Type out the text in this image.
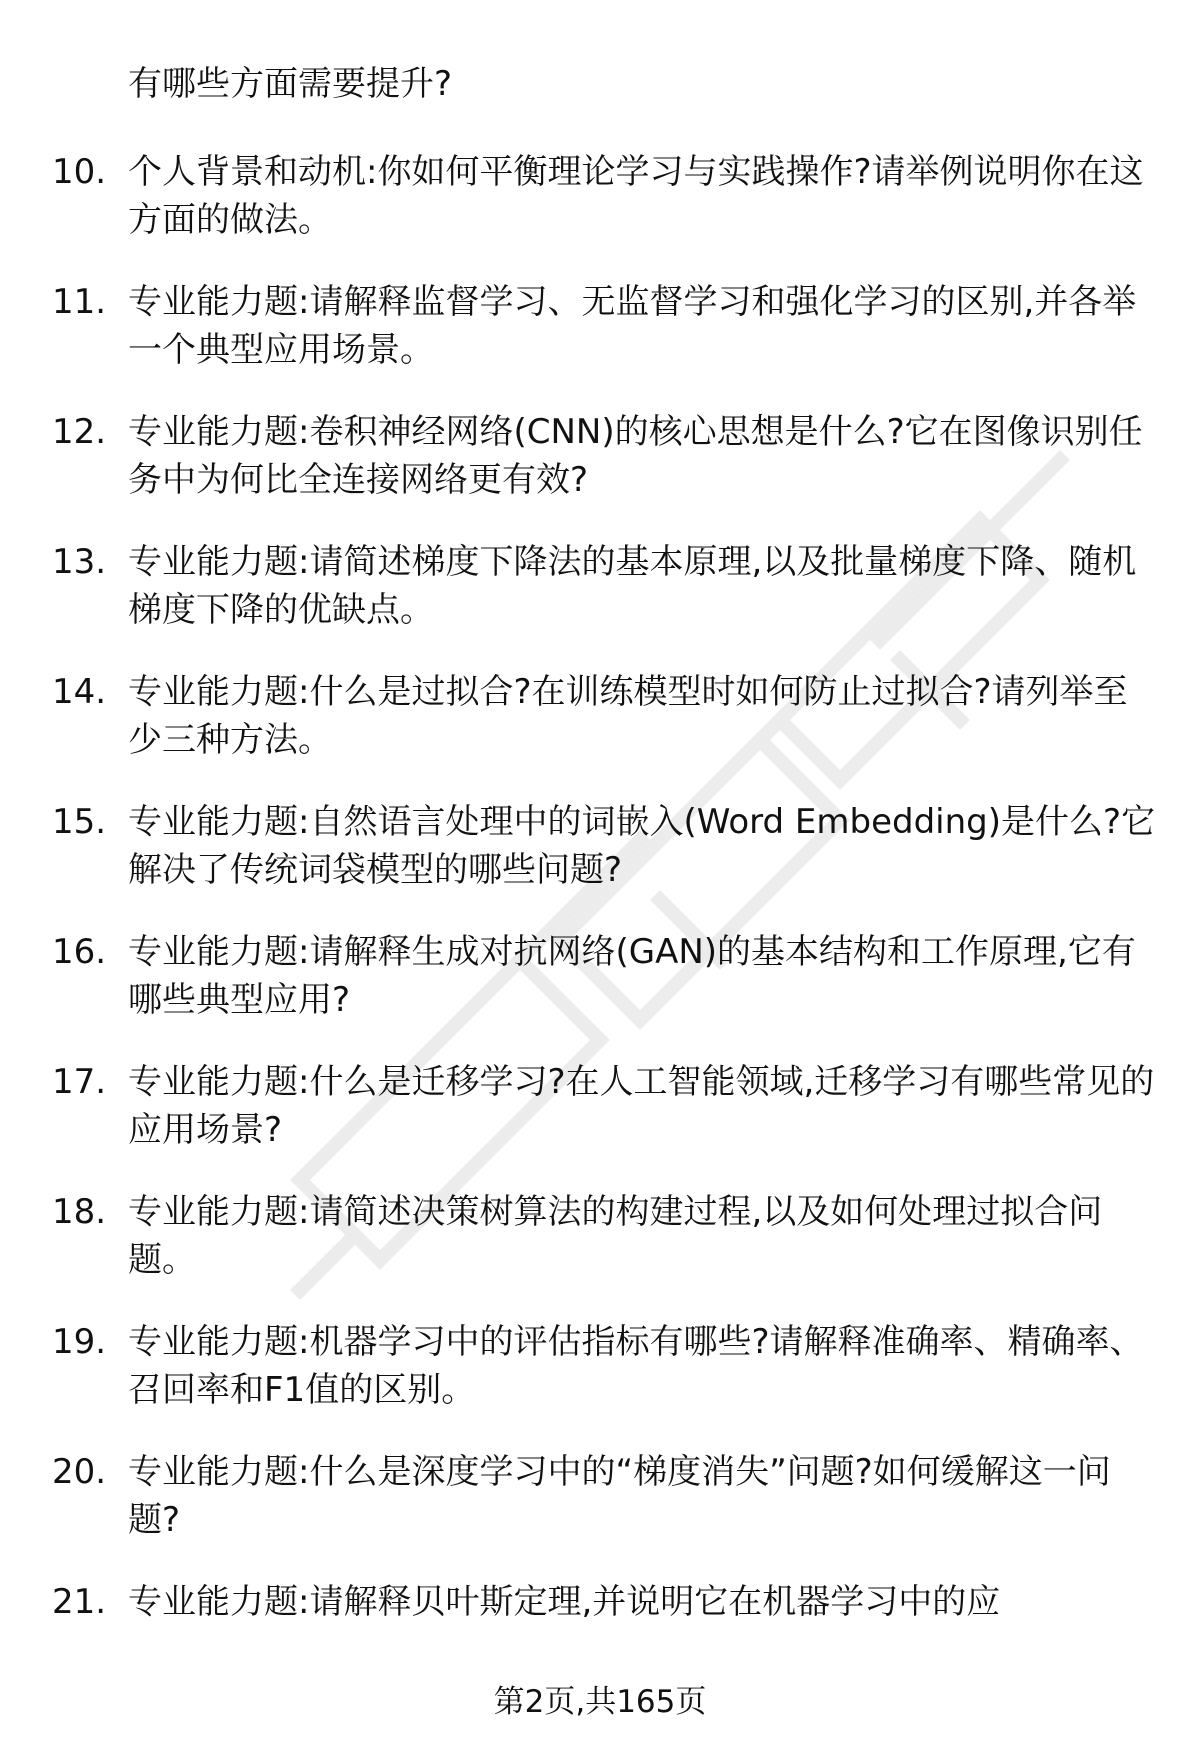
有哪些方面需要提升?

10. 个人背景和动机:你如何平衡理论学习与实践操作?请举例说明你在这方面的做法。

11. 专业能力题:请解释监督学习、无监督学习和强化学习的区别,并各举一个典型应用场景。

12. 专业能力题:卷积神经网络(CNN)的核心思想是什么?它在图像识别任务中为何比全连接网络更有效?

13. 专业能力题:请简述梯度下降法的基本原理,以及批量梯度下降、随机梯度下降的优缺点。

14. 专业能力题:什么是过拟合?在训练模型时如何防止过拟合?请列举至少三种方法。

15. 专业能力题:自然语言处理中的词嵌入(Word Embedding)是什么?它解决了传统词袋模型的哪些问题?

16. 专业能力题:请解释生成对抗网络(GAN)的基本结构和工作原理,它有哪些典型应用?

17. 专业能力题:什么是迁移学习?在人工智能领域,迁移学习有哪些常见的应用场景?

18. 专业能力题:请简述决策树算法的构建过程,以及如何处理过拟合问题。

19. 专业能力题:机器学习中的评估指标有哪些?请解释准确率、精确率、召回率和F1值的区别。

20. 专业能力题:什么是深度学习中的“梯度消失”问题?如何缓解这一问题?

21. 专业能力题:请解释贝叶斯定理,并说明它在机器学习中的应

第2页,共165页
